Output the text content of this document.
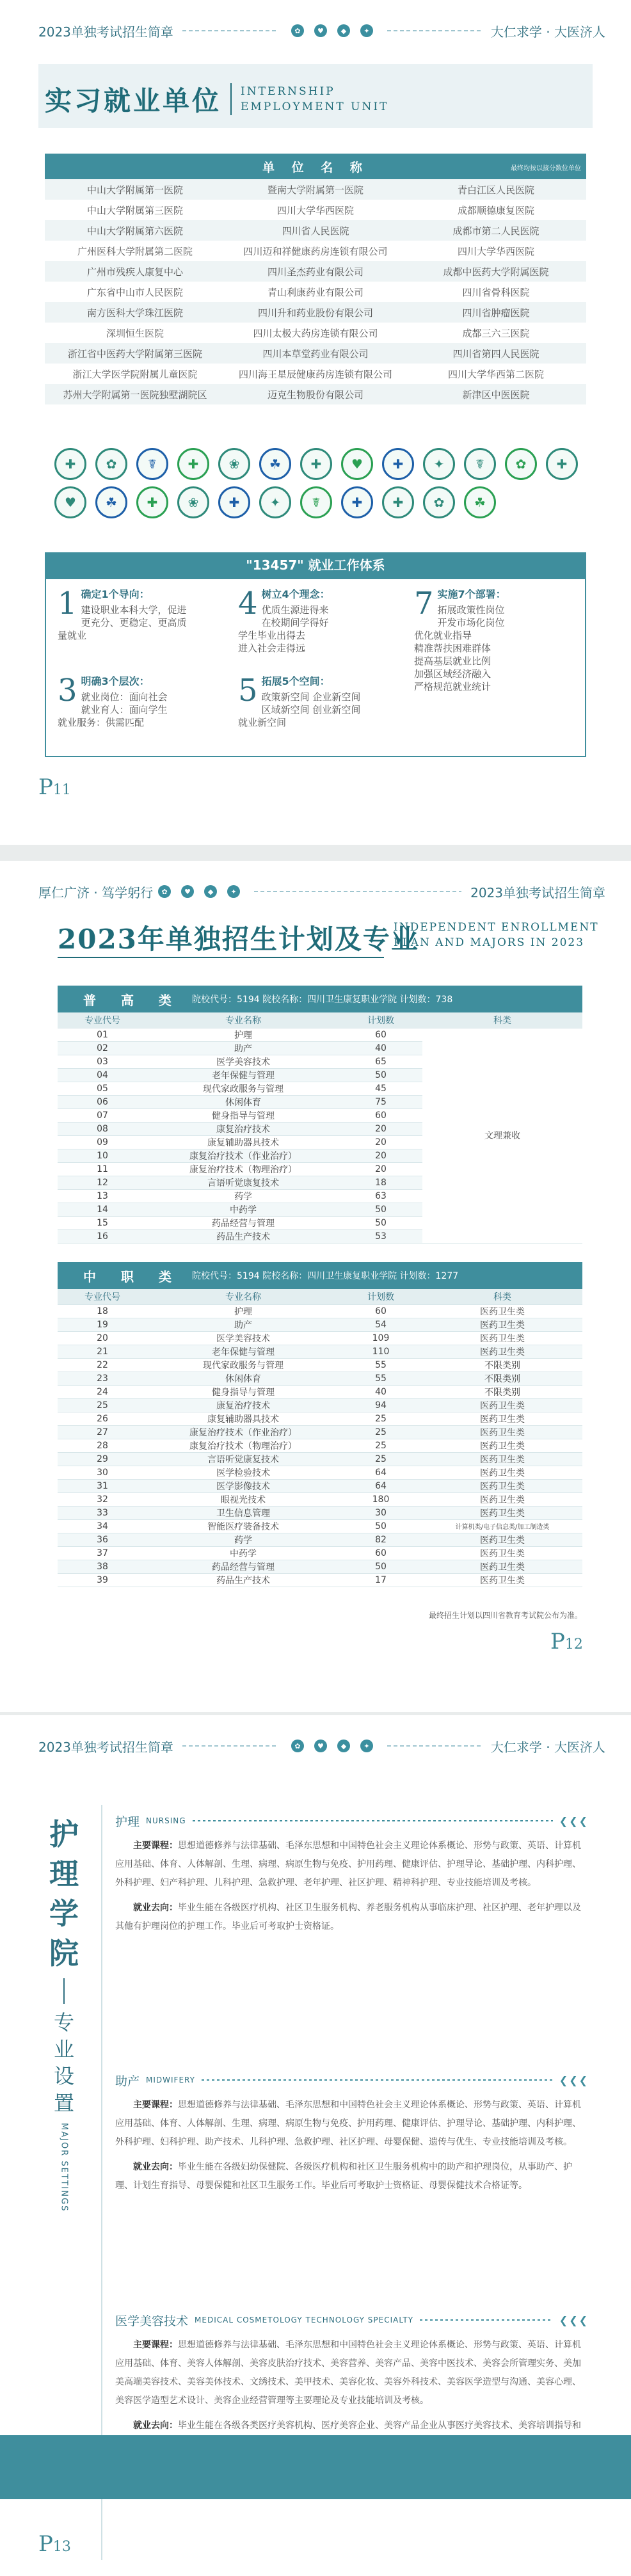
2023单独考试招生简章	✿	♥	◆	✦	大仁求学 · 大医济人
实习就业单位 INTERNSHIP
EMPLOYMENT UNIT
单 位 名 称 最终均按以接分数位单位		

中山大学附属第一医院	暨南大学附属第一医院	青白江区人民医院
中山大学附属第三医院	四川大学华西医院	成都顺德康复医院
中山大学附属第六医院	四川省人民医院	成都市第二人民医院
广州医科大学附属第二医院	四川迈和祥健康药房连锁有限公司	四川大学华西医院
广州市残疾人康复中心	四川圣杰药业有限公司	成都中医药大学附属医院
广东省中山市人民医院	青山利康药业有限公司	四川省骨科医院
南方医科大学珠江医院	四川升和药业股份有限公司	四川省肿瘤医院
深圳恒生医院	四川太极大药房连锁有限公司	成都三六三医院
浙江省中医药大学附属第三医院	四川本草堂药业有限公司	四川省第四人民医院
浙江大学医学院附属儿童医院	四川海王星辰健康药房连锁有限公司	四川大学华西第二医院
苏州大学附属第一医院独墅湖院区	迈克生物股份有限公司	新津区中医医院
✚	✿	☤	✚	❀	☘	✚	♥	✚	✦	☤	✿	✚
♥	☘	✚	❀	✚	✦	☤	✚	✚	✿	☘
"13457" 就业工作体系
1 确定1个导向：
建设职业本科大学，促进
更充分、更稳定、更高质
量就业
3 明确3个层次：
就业岗位：面向社会
就业育人：面向学生
就业服务：供需匹配
4 树立4个理念：
优质生源进得来
在校期间学得好
学生毕业出得去
进入社会走得远
5 拓展5个空间：
政策新空间 企业新空间
区域新空间 创业新空间
就业新空间
7 实施7个部署：
拓展政策性岗位
开发市场化岗位
优化就业指导
精准帮扶困难群体
提高基层就业比例
加强区域经济融入
严格规范就业统计
P11
厚仁广济 · 笃学躬行	✿	♥	◆	✦	2023单独考试招生简章
2023年单独招生计划及专业
INDEPENDENT ENROLLMENT
PLAN AND MAJORS IN 2023
普 高 类	院校代号：5194 院校名称：四川卫生康复职业学院 计划数：738
专业代号	专业名称	计划数	科类
01	护理	60	文理兼收
02	助产	40	
03	医学美容技术	65	
04	老年保健与管理	50	
05	现代家政服务与管理	45	
06	休闲体育	75	
07	健身指导与管理	60	
08	康复治疗技术	20	
09	康复辅助器具技术	20	
10	康复治疗技术（作业治疗）	20	
11	康复治疗技术（物理治疗）	20	
12	言语听觉康复技术	18	
13	药学	63	
14	中药学	50	
15	药品经营与管理	50	
16	药品生产技术	53	
中 职 类	院校代号：5194 院校名称：四川卫生康复职业学院 计划数：1277
专业代号	专业名称	计划数	科类
18	护理	60	医药卫生类
19	助产	54	医药卫生类
20	医学美容技术	109	医药卫生类
21	老年保健与管理	110	医药卫生类
22	现代家政服务与管理	55	不限类别
23	休闲体育	55	不限类别
24	健身指导与管理	40	不限类别
25	康复治疗技术	94	医药卫生类
26	康复辅助器具技术	25	医药卫生类
27	康复治疗技术（作业治疗）	25	医药卫生类
28	康复治疗技术（物理治疗）	25	医药卫生类
29	言语听觉康复技术	25	医药卫生类
30	医学检验技术	64	医药卫生类
31	医学影像技术	64	医药卫生类
32	眼视光技术	180	医药卫生类
33	卫生信息管理	30	医药卫生类
34	智能医疗装备技术	50	计算机类/电子信息类/加工制造类
36	药学	82	医药卫生类
37	中药学	60	医药卫生类
38	药品经营与管理	50	医药卫生类
39	药品生产技术	17	医药卫生类
最终招生计划以四川省教育考试院公布为准。
P12
2023单独考试招生简章	✿	♥	◆	✦	大仁求学 · 大医济人
护
理
学
院
专
业
设
置
MAJOR SETTINGS
护理 NURSING	❮❮❮

主要课程：思想道德修养与法律基础、毛泽东思想和中国特色社会主义理论体系概论、形势与政策、英语、计算机应用基础、体育、人体解剖、生理、病理、病原生物与免疫、护用药理、健康评估、护理导论、基础护理、内科护理、外科护理、妇产科护理、儿科护理、急救护理、老年护理、社区护理、精神科护理、专业技能培训及考核。

就业去向：毕业生能在各级医疗机构、社区卫生服务机构、养老服务机构从事临床护理、社区护理、老年护理以及其他有护理岗位的护理工作。毕业后可考取护士资格证。

助产 MIDWIFERY	❮❮❮

主要课程：思想道德修养与法律基础、毛泽东思想和中国特色社会主义理论体系概论、形势与政策、英语、计算机应用基础、体育、人体解剖、生理、病理、病原生物与免疫、护用药理、健康评估、护理导论、基础护理、内科护理、外科护理、妇科护理、助产技术、儿科护理、急救护理、社区护理、母婴保健、遗传与优生、专业技能培训及考核。

就业去向：毕业生能在各级妇幼保健院、各级医疗机构和社区卫生服务机构中的助产和护理岗位，从事助产、护理、计划生育指导、母婴保健和社区卫生服务工作。毕业后可考取护士资格证、母婴保健技术合格证等。

医学美容技术 MEDICAL COSMETOLOGY TECHNOLOGY SPECIALTY	❮❮❮

主要课程：思想道德修养与法律基础、毛泽东思想和中国特色社会主义理论体系概论、形势与政策、英语、计算机应用基础、体育、美容人体解剖、美容皮肤治疗技术、美容营养、美容产品、美容中医技术、美容会所管理实务、美加美高端美容技术、美容美体技术、文绣技术、美甲技术、美容化妆、美容外科技术、美容医学造型与沟通、美容心理、美容医学造型艺术设计、美容企业经营管理等主要理论及专业技能培训及考核。

就业去向：毕业生能在各级各类医疗美容机构、医疗美容企业、美容产品企业从事医疗美容技术、美容培训指导和

P13
